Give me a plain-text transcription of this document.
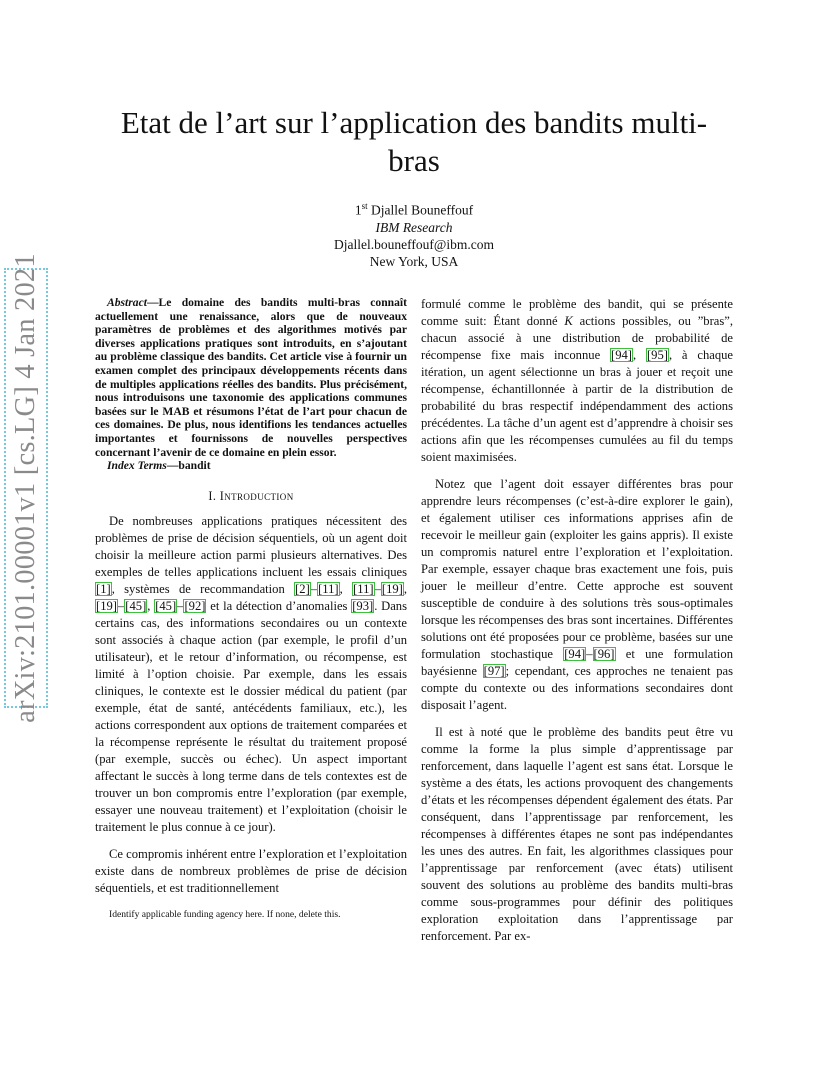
arXiv:2101.00001v1 [cs.LG] 4 Jan 2021
Etat de l’art sur l’application des bandits multi-bras
1st Djallel Bouneffouf
IBM Research
Djallel.bouneffouf@ibm.com
New York, USA

Abstract—Le domaine des bandits multi-bras connaît actuellement une renaissance, alors que de nouveaux paramètres de problèmes et des algorithmes motivés par diverses applications pratiques sont introduits, en s’ajoutant au problème classique des bandits. Cet article vise à fournir un examen complet des principaux développements récents dans de multiples applications réelles des bandits. Plus précisément, nous introduisons une taxonomie des applications communes basées sur le MAB et résumons l’état de l’art pour chacun de ces domaines. De plus, nous identifions les tendances actuelles importantes et fournissons de nouvelles perspectives concernant l’avenir de ce domaine en plein essor.

Index Terms—bandit

I. Introduction

De nombreuses applications pratiques nécessitent des problèmes de prise de décision séquentiels, où un agent doit choisir la meilleure action parmi plusieurs alternatives. Des exemples de telles applications incluent les essais cliniques [1], systèmes de recommandation [2]–[11], [11]–[19], [19]–[45], [45]–[92] et la détection d’anomalies [93]. Dans certains cas, des informations secondaires ou un contexte sont associés à chaque action (par exemple, le profil d’un utilisateur), et le retour d’information, ou récompense, est limité à l’option choisie. Par exemple, dans les essais cliniques, le contexte est le dossier médical du patient (par exemple, état de santé, antécédents familiaux, etc.), les actions correspondent aux options de traitement comparées et la récompense représente le résultat du traitement proposé (par exemple, succès ou échec). Un aspect important affectant le succès à long terme dans de tels contextes est de trouver un bon compromis entre l’exploration (par exemple, essayer une nouveau traitement) et l’exploitation (choisir le traitement le plus connue à ce jour).

Ce compromis inhérent entre l’exploration et l’exploitation existe dans de nombreux problèmes de prise de décision séquentiels, et est traditionnellement

formulé comme le problème des bandit, qui se présente comme suit: Étant donné K actions possibles, ou ”bras”, chacun associé à une distribution de probabilité de récompense fixe mais inconnue [94], [95], à chaque itération, un agent sélectionne un bras à jouer et reçoit une récompense, échantillonnée à partir de la distribution de probabilité du bras respectif indépendamment des actions précédentes. La tâche d’un agent est d’apprendre à choisir ses actions afin que les récompenses cumulées au fil du temps soient maximisées.

Notez que l’agent doit essayer différentes bras pour apprendre leurs récompenses (c’est-à-dire explorer le gain), et également utiliser ces informations apprises afin de recevoir le meilleur gain (exploiter les gains appris). Il existe un compromis naturel entre l’exploration et l’exploitation. Par exemple, essayer chaque bras exactement une fois, puis jouer le meilleur d’entre. Cette approche est souvent susceptible de conduire à des solutions très sous-optimales lorsque les récompenses des bras sont incertaines. Différentes solutions ont été proposées pour ce problème, basées sur une formulation stochastique [94]–[96] et une formulation bayésienne [97]; cependant, ces approches ne tenaient pas compte du contexte ou des informations secondaires dont disposait l’agent.

Il est à noté que le problème des bandits peut être vu comme la forme la plus simple d’apprentissage par renforcement, dans laquelle l’agent est sans état. Lorsque le système a des états, les actions provoquent des changements d’états et les récompenses dépendent également des états. Par conséquent, dans l’apprentissage par renforcement, les récompenses à différentes étapes ne sont pas indépendantes les unes des autres. En fait, les algorithmes classiques pour l’apprentissage par renforcement (avec états) utilisent souvent des solutions au problème des bandits multi-bras comme sous-programmes pour définir des politiques exploration exploitation dans l’apprentissage par renforcement. Par ex-

Identify applicable funding agency here. If none, delete this.
